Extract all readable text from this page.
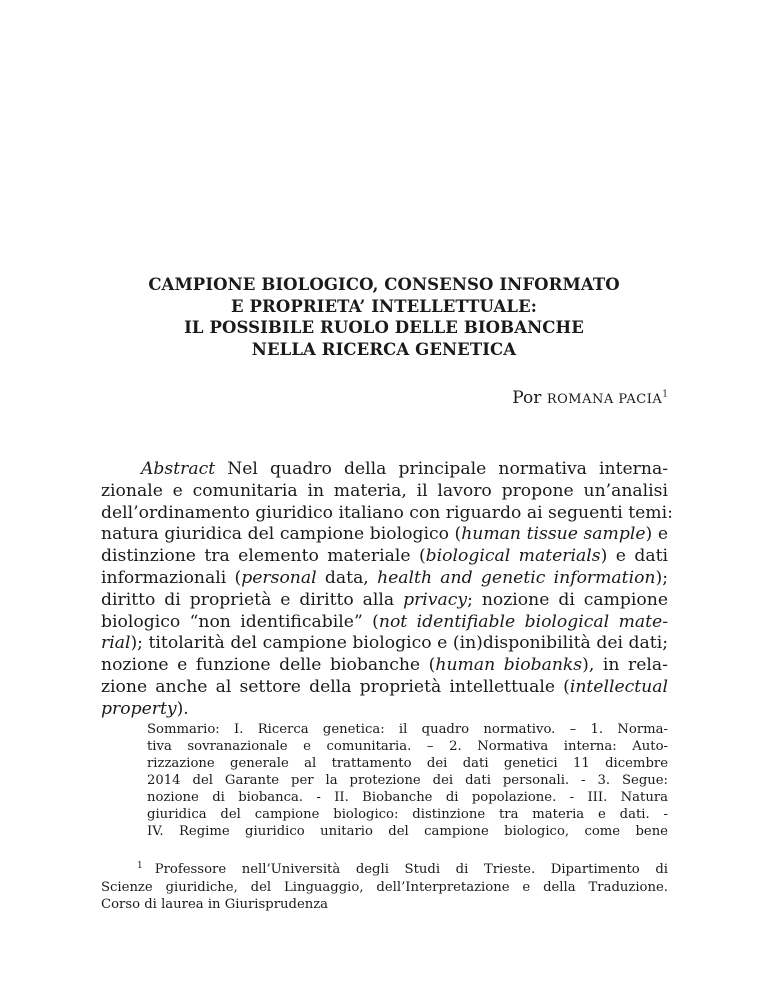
CAMPIONE BIOLOGICO, CONSENSO INFORMATO
E PROPRIETA’ INTELLETTUALE:
IL POSSIBILE RUOLO DELLE BIOBANCHE
NELLA RICERCA GENETICA
Por ROMANA PACIA$^1$
Abstract Nel quadro della principale normativa interna-
zionale e comunitaria in materia, il lavoro propone un’analisi
dell’ordinamento giuridico italiano con riguardo ai seguenti temi:
natura giuridica del campione biologico (human tissue sample) e
distinzione tra elemento materiale (biological materials) e dati
informazionali (personal data, health and genetic information);
diritto di proprietà e diritto alla privacy; nozione di campione
biologico “non identificabile” (not identifiable biological mate-
rial); titolarità del campione biologico e (in)disponibilità dei dati;
nozione e funzione delle biobanche (human biobanks), in rela-
zione anche al settore della proprietà intellettuale (intellectual
property).
Sommario: I. Ricerca genetica: il quadro normativo. – 1. Norma-
tiva sovranazionale e comunitaria. – 2. Normativa interna: Auto-
rizzazione generale al trattamento dei dati genetici 11 dicembre
2014 del Garante per la protezione dei dati personali. - 3. Segue:
nozione di biobanca. - II. Biobanche di popolazione. - III. Natura
giuridica del campione biologico: distinzione tra materia e dati. -
IV. Regime giuridico unitario del campione biologico, come bene
$^1$ Professore nell’Università degli Studi di Trieste. Dipartimento di
Scienze giuridiche, del Linguaggio, dell’Interpretazione e della Traduzione.
Corso di laurea in Giurisprudenza
